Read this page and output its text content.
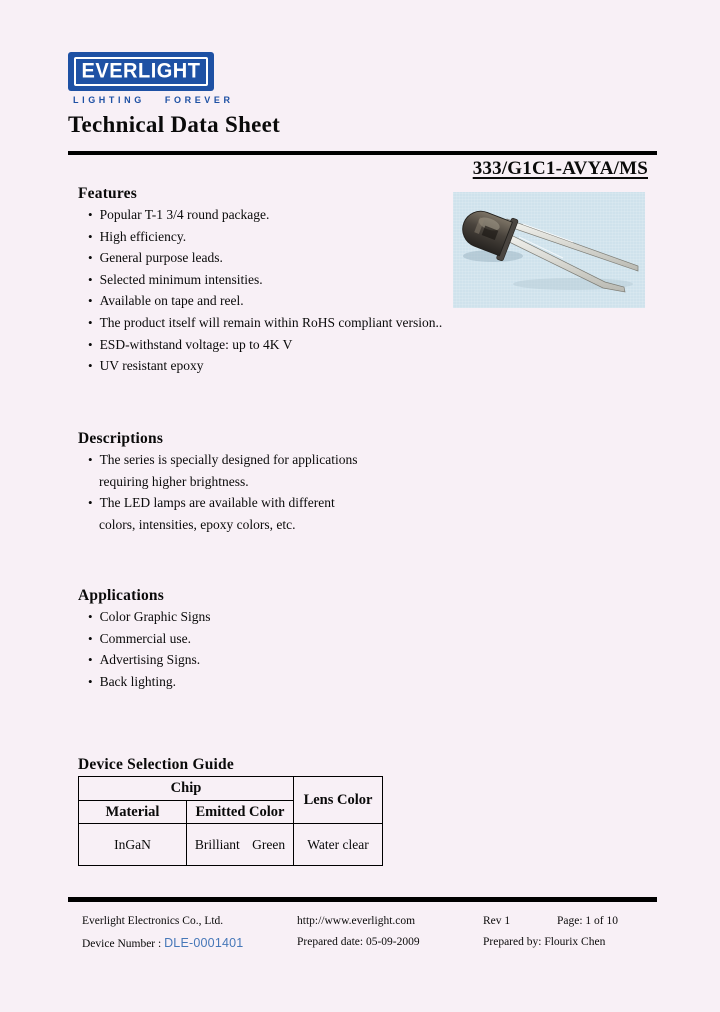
EVERLIGHT
LIGHTING FOREVER
Technical Data Sheet
333/G1C1-AVYA/MS
Features
• Popular T-1 3/4 round package.
• High efficiency.
• General purpose leads.
• Selected minimum intensities.
• Available on tape and reel.
• The product itself will remain within RoHS compliant version..
• ESD-withstand voltage: up to 4K V
• UV resistant epoxy
Descriptions
• The series is specially designed for applications
requiring higher brightness.
• The LED lamps are available with different
colors, intensities, epoxy colors, etc.
Applications
• Color Graphic Signs
• Commercial use.
• Advertising Signs.
• Back lighting.
Device Selection Guide
Chip		Lens Color
Material	Emitted Color	
InGaN	Brilliant Green	Water clear
Everlight Electronics Co., Ltd.	http://www.everlight.com	Rev 1	Page: 1 of 10
Device Number : DLE-0001401	Prepared date: 05-09-2009	Prepared by: Flourix Chen
